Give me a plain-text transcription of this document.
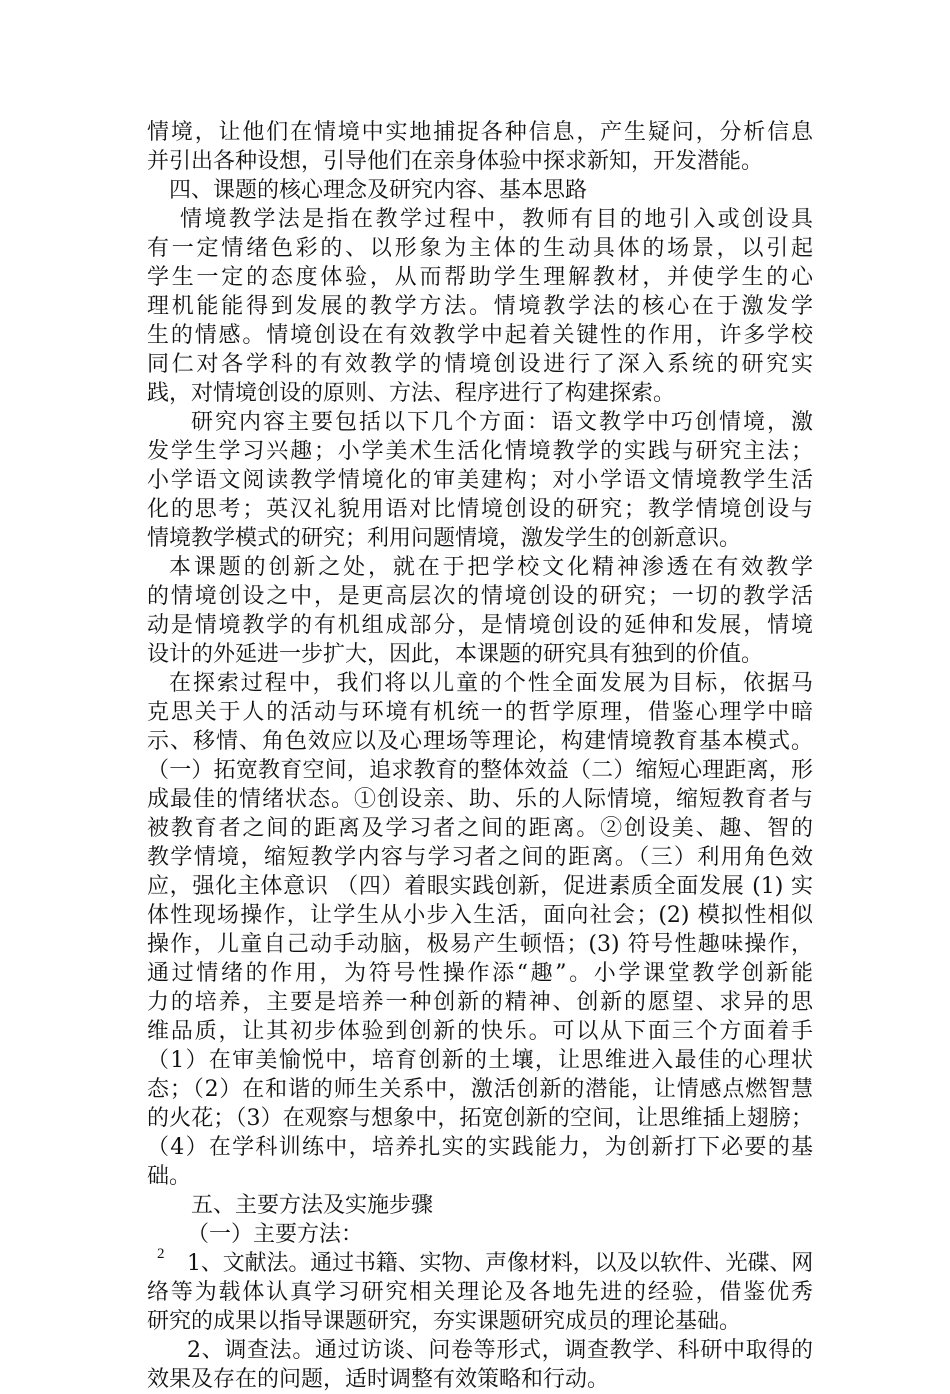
情境，让他们在情境中实地捕捉各种信息，产生疑问，分析信息
并引出各种设想，引导他们在亲身体验中探求新知，开发潜能。
四、课题的核心理念及研究内容、基本思路
情境教学法是指在教学过程中，教师有目的地引入或创设具
有一定情绪色彩的、以形象为主体的生动具体的场景，以引起
学生一定的态度体验，从而帮助学生理解教材，并使学生的心
理机能能得到发展的教学方法。情境教学法的核心在于激发学
生的情感。情境创设在有效教学中起着关键性的作用，许多学校
同仁对各学科的有效教学的情境创设进行了深入系统的研究实
践，对情境创设的原则、方法、程序进行了构建探索。
研究内容主要包括以下几个方面：语文教学中巧创情境，激
发学生学习兴趣；小学美术生活化情境教学的实践与研究主法；
小学语文阅读教学情境化的审美建构；对小学语文情境教学生活
化的思考；英汉礼貌用语对比情境创设的研究；教学情境创设与
情境教学模式的研究；利用问题情境，激发学生的创新意识。
本课题的创新之处，就在于把学校文化精神渗透在有效教学
的情境创设之中，是更高层次的情境创设的研究；一切的教学活
动是情境教学的有机组成部分，是情境创设的延伸和发展，情境
设计的外延进一步扩大，因此，本课题的研究具有独到的价值。
在探索过程中，我们将以儿童的个性全面发展为目标，依据马
克思关于人的活动与环境有机统一的哲学原理，借鉴心理学中暗
示、移情、角色效应以及心理场等理论，构建情境教育基本模式。
（一）拓宽教育空间，追求教育的整体效益（二）缩短心理距离，形
成最佳的情绪状态。①创设亲、助、乐的人际情境，缩短教育者与
被教育者之间的距离及学习者之间的距离。②创设美、趣、智的
教学情境，缩短教学内容与学习者之间的距离。（三）利用角色效
应，强化主体意识 （四）着眼实践创新，促进素质全面发展 (1) 实
体性现场操作，让学生从小步入生活，面向社会；(2) 模拟性相似
操作，儿童自己动手动脑，极易产生顿悟；(3) 符号性趣味操作，
通过情绪的作用，为符号性操作添“趣”。小学课堂教学创新能
力的培养，主要是培养一种创新的精神、创新的愿望、求异的思
维品质，让其初步体验到创新的快乐。可以从下面三个方面着手
（1）在审美愉悦中，培育创新的土壤，让思维进入最佳的心理状
态；（2）在和谐的师生关系中，激活创新的潜能，让情感点燃智慧
的火花；（3）在观察与想象中，拓宽创新的空间，让思维插上翅膀；
（4）在学科训练中，培养扎实的实践能力，为创新打下必要的基
础。
五、主要方法及实施步骤
（一）主要方法：
1、文献法。通过书籍、实物、声像材料，以及以软件、光碟、网
络等为载体认真学习研究相关理论及各地先进的经验，借鉴优秀
研究的成果以指导课题研究，夯实课题研究成员的理论基础。
2、调查法。通过访谈、问卷等形式，调查教学、科研中取得的
效果及存在的问题，适时调整有效策略和行动。
2
